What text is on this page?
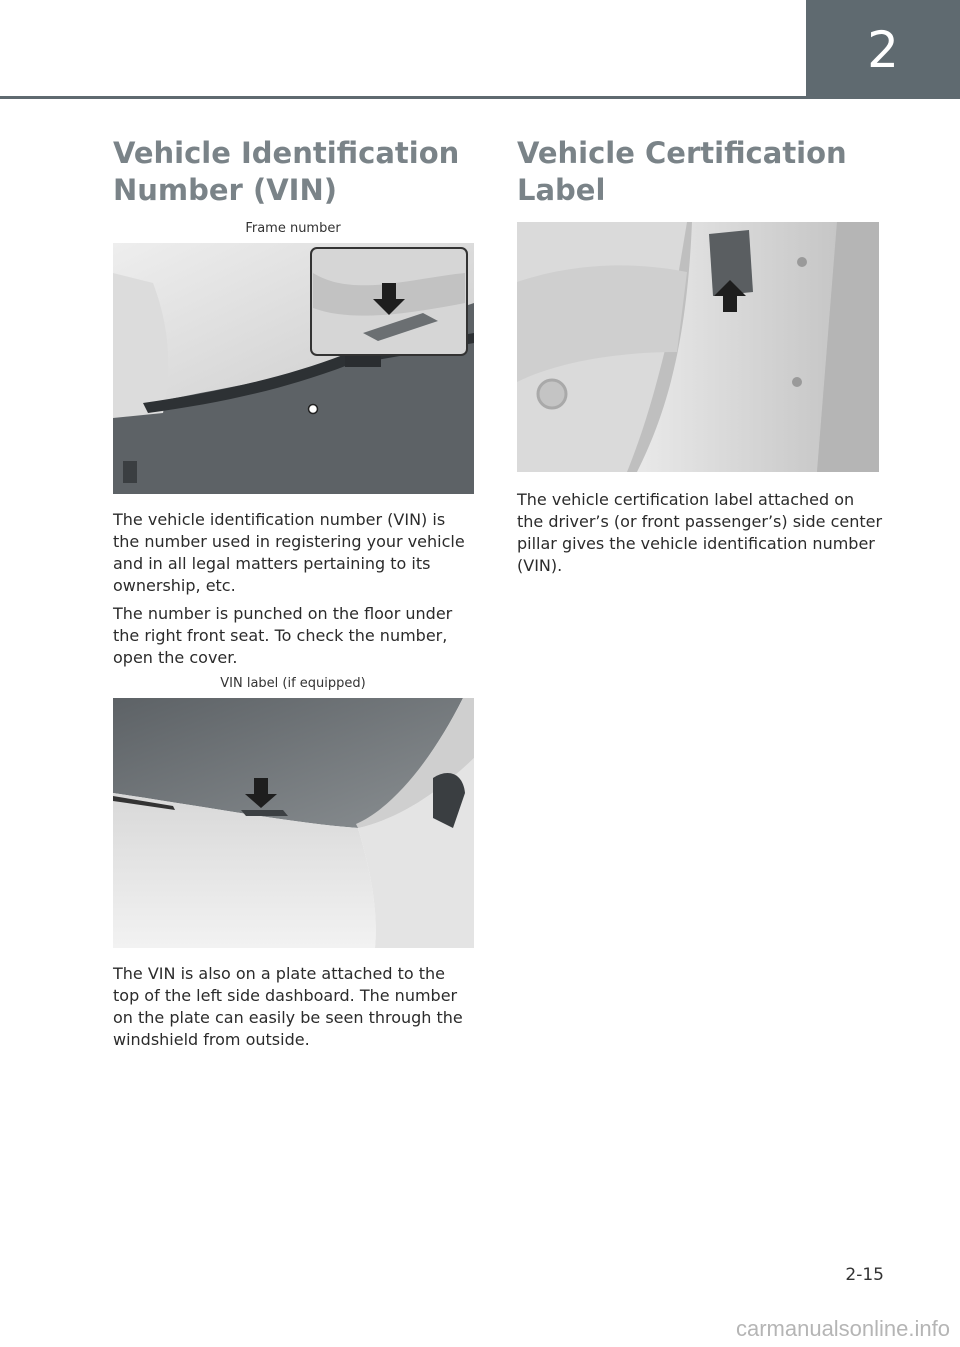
2
Vehicle Identification
Number (VIN)
Frame number

The vehicle identification number (VIN) is the number used in registering your vehicle and in all legal matters pertaining to its ownership, etc.

The number is punched on the floor under the right front seat. To check the number, open the cover.

VIN label (if equipped)

The VIN is also on a plate attached to the top of the left side dashboard. The number on the plate can easily be seen through the windshield from outside.

Vehicle Certification
Label

The vehicle certification label attached on the driver’s (or front passenger’s) side center pillar gives the vehicle identification number (VIN).

2-15
carmanualsonline.info
